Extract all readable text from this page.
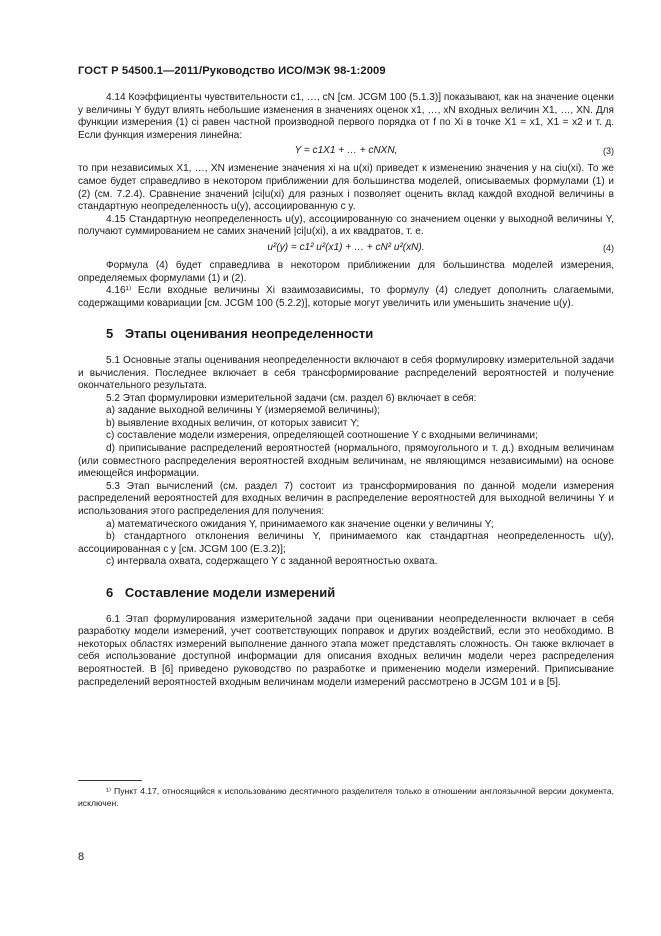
ГОСТ Р 54500.1—2011/Руководство ИСО/МЭК 98-1:2009

4.14 Коэффициенты чувствительности c1, …, cN [см. JCGM 100 (5.1.3)] показывают, как на значение оценки y величины Y будут влиять небольшие изменения в значениях оценок x1, …, xN входных величин X1, …, XN. Для функции измерения (1) ci равен частной производной первого порядка от f по Xi в точке X1 = x1, X1 = x2 и т. д. Если функция измерения линейна:

Y = c1X1 + … + cNXN,	(3)

то при независимых X1, …, XN изменение значения xi на u(xi) приведет к изменению значения y на ciu(xi). То же самое будет справедливо в некотором приближении для большинства моделей, описываемых формулами (1) и (2) (см. 7.2.4). Сравнение значений |ci|u(xi) для разных i позволяет оценить вклад каждой входной величины в стандартную неопределенность u(y), ассоциированную с y.

4.15 Стандартную неопределенность u(y), ассоциированную со значением оценки y выходной величины Y, получают суммированием не самих значений |ci|u(xi), а их квадратов, т. е.

u²(y) = c1² u²(x1) + … + cN² u²(xN).	(4)

Формула (4) будет справедлива в некотором приближении для большинства моделей измерения, определяемых формулами (1) и (2).

4.16¹⁾ Если входные величины Xi взаимозависимы, то формулу (4) следует дополнить слагаемыми, содержащими ковариации [см. JCGM 100 (5.2.2)], которые могут увеличить или уменьшить значение u(y).

5 Этапы оценивания неопределенности

5.1 Основные этапы оценивания неопределенности включают в себя формулировку измерительной задачи и вычисления. Последнее включает в себя трансформирование распределений вероятностей и получение окончательного результата.

5.2 Этап формулировки измерительной задачи (см. раздел 6) включает в себя:

а) задание выходной величины Y (измеряемой величины);

b) выявление входных величин, от которых зависит Y;

c) составление модели измерения, определяющей соотношение Y с входными величинами;

d) приписывание распределений вероятностей (нормального, прямоугольного и т. д.) входным величинам (или совместного распределения вероятностей входным величинам, не являющимся независимыми) на основе имеющейся информации.

5.3 Этап вычислений (см. раздел 7) состоит из трансформирования по данной модели измерения распределений вероятностей для входных величин в распределение вероятностей для выходной величины Y и использования этого распределения для получения:

а) математического ожидания Y, принимаемого как значение оценки y величины Y;

b) стандартного отклонения величины Y, принимаемого как стандартная неопределенность u(y), ассоциированная с y [см. JCGM 100 (E.3.2)];

c) интервала охвата, содержащего Y с заданной вероятностью охвата.

6 Составление модели измерений

6.1 Этап формулирования измерительной задачи при оценивании неопределенности включает в себя разработку модели измерений, учет соответствующих поправок и других воздействий, если это необходимо. В некоторых областях измерений выполнение данного этапа может представлять сложность. Он также включает в себя использование доступной информации для описания входных величин модели через распределения вероятностей. В [6] приведено руководство по разработке и применению модели измерений. Приписывание распределений вероятностей входным величинам модели измерений рассмотрено в JCGM 101 и в [5].

¹⁾ Пункт 4.17, относящийся к использованию десятичного разделителя только в отношении англоязычной версии документа, исключен.
8
